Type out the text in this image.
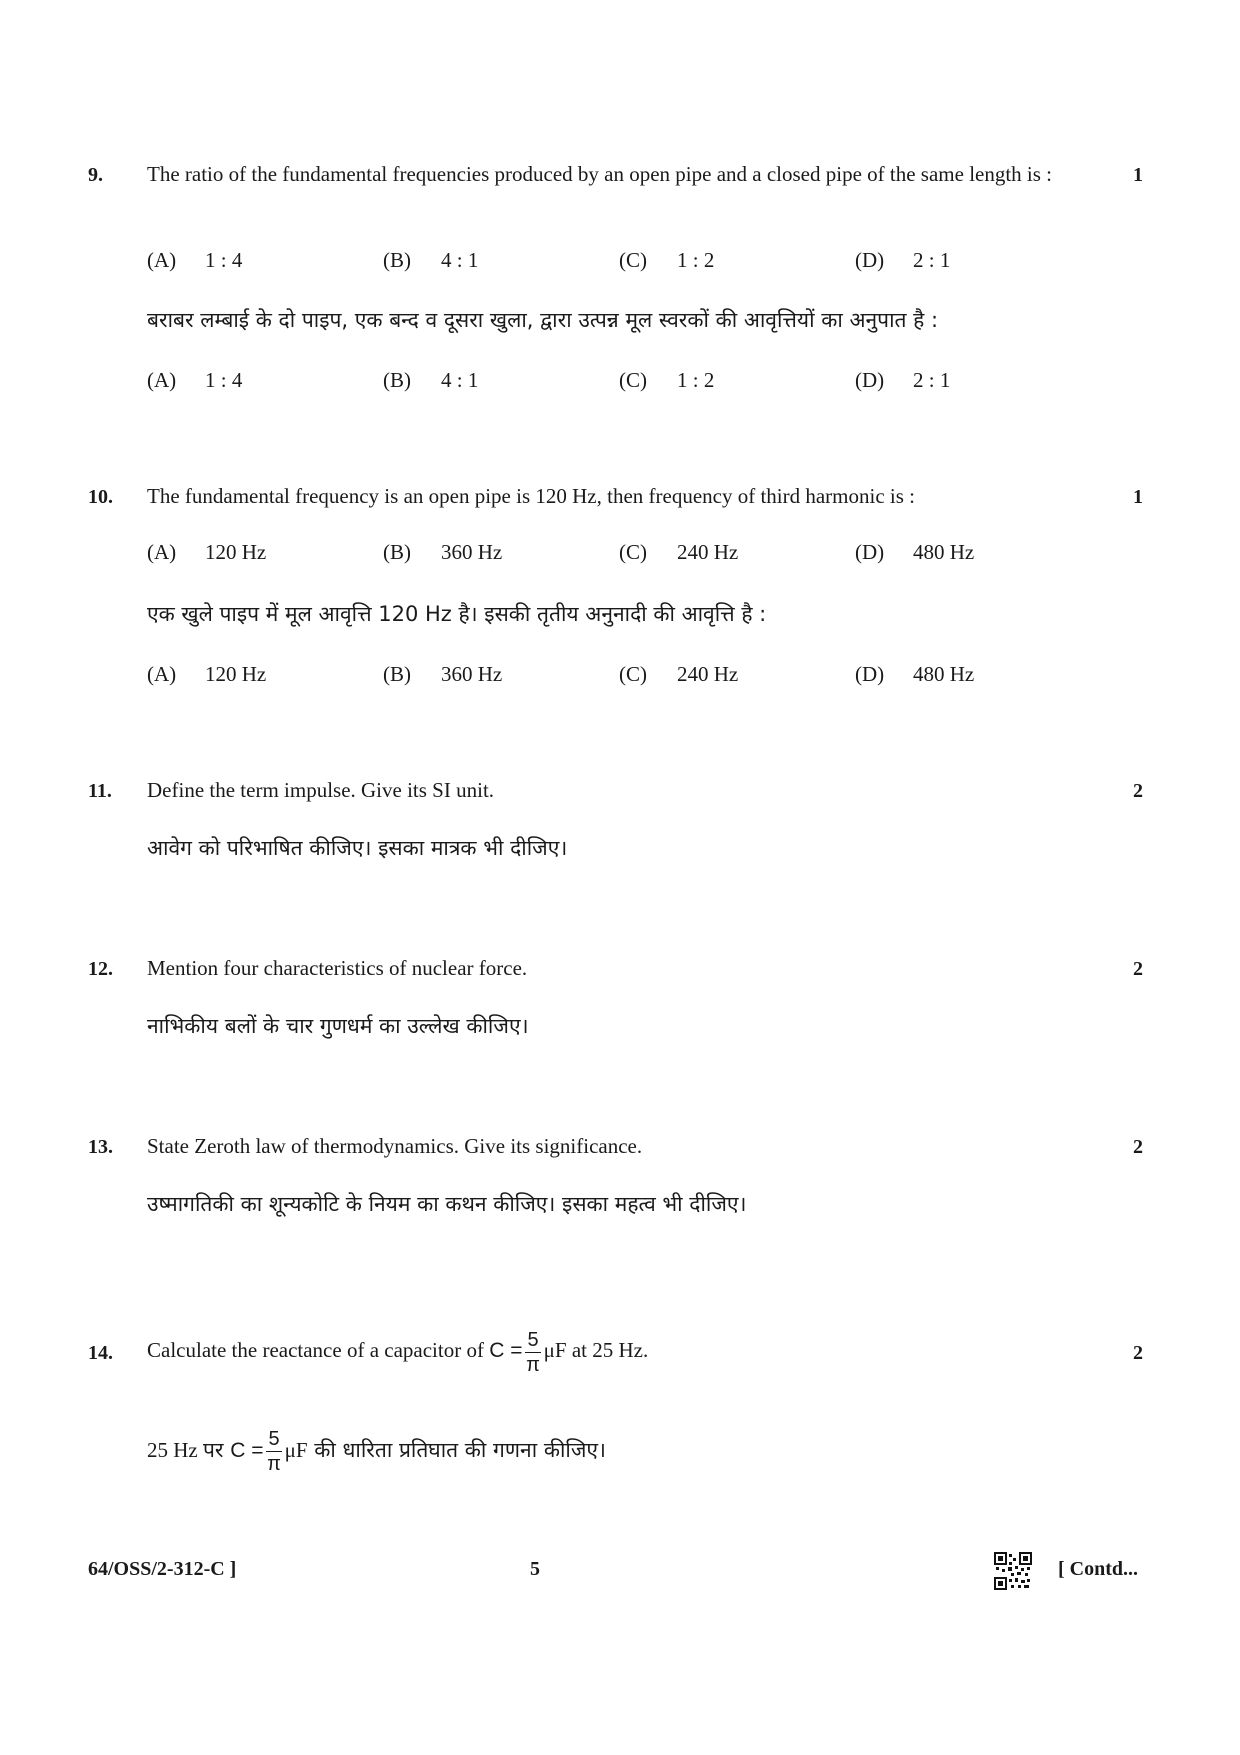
9. The ratio of the fundamental frequencies produced by an open pipe and a closed pipe of the same length is :	1
(A) 1 : 4	(B) 4 : 1	(C) 1 : 2	(D) 2 : 1
बराबर लम्बाई के दो पाइप, एक बन्द व दूसरा खुला, द्वारा उत्पन्न मूल स्वरकों की आवृत्तियों का अनुपात है :
(A) 1 : 4	(B) 4 : 1	(C) 1 : 2	(D) 2 : 1
10. The fundamental frequency is an open pipe is 120 Hz, then frequency of third harmonic is :	1
(A) 120 Hz	(B) 360 Hz	(C) 240 Hz	(D) 480 Hz
एक खुले पाइप में मूल आवृत्ति 120 Hz है। इसकी तृतीय अनुनादी की आवृत्ति है :
(A) 120 Hz	(B) 360 Hz	(C) 240 Hz	(D) 480 Hz
11. Define the term impulse. Give its SI unit.	2
आवेग को परिभाषित कीजिए। इसका मात्रक भी दीजिए।
12. Mention four characteristics of nuclear force.	2
नाभिकीय बलों के चार गुणधर्म का उल्लेख कीजिए।
13. State Zeroth law of thermodynamics. Give its significance.	2
उष्मागतिकी का शून्यकोटि के नियम का कथन कीजिए। इसका महत्व भी दीजिए।
14. Calculate the reactance of a capacitor of $C = \frac{5}{\pi}$ μF at 25 Hz.	2
25 Hz पर $C = \frac{5}{\pi}$ μF की धारिता प्रतिघात की गणना कीजिए।
64/OSS/2-312-C ]	5	[ Contd...
